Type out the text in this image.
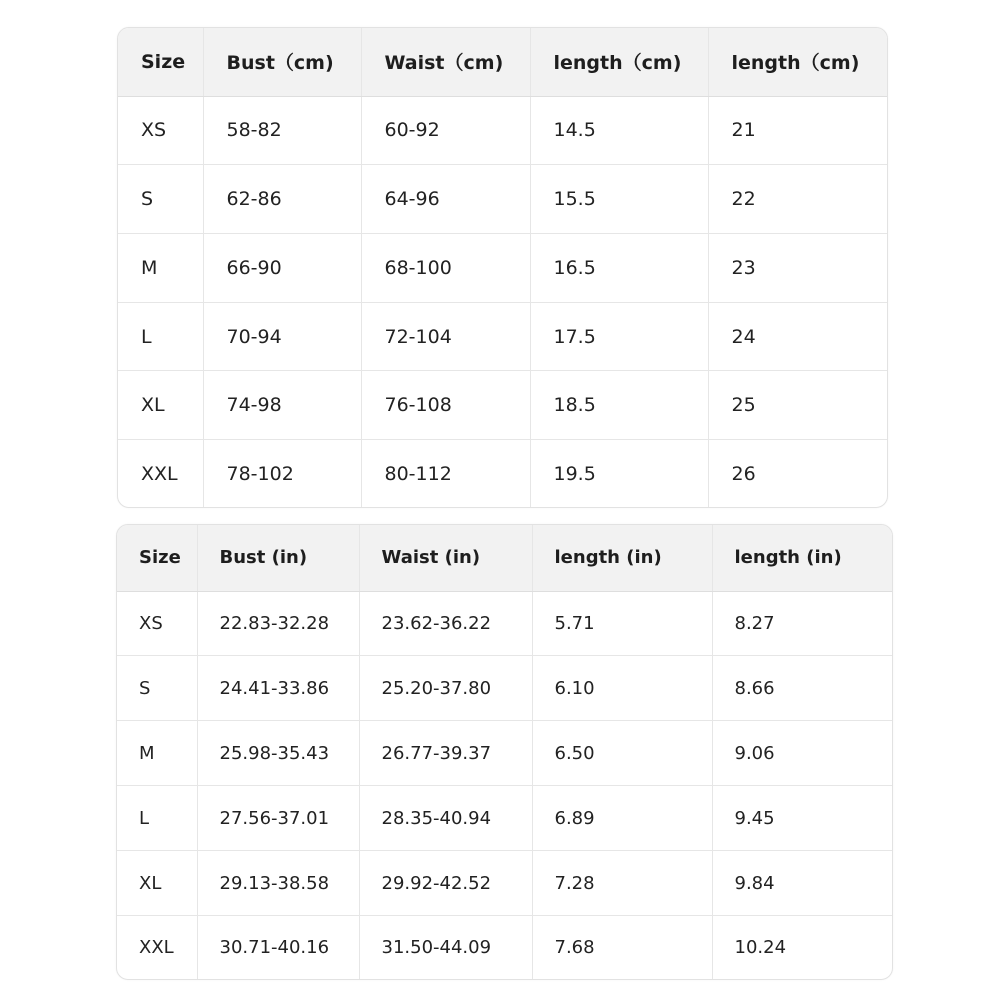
Size	Bust（cm)	Waist（cm)	length（cm)	length（cm)
XS	58-82	60-92	14.5	21
S	62-86	64-96	15.5	22
M	66-90	68-100	16.5	23
L	70-94	72-104	17.5	24
XL	74-98	76-108	18.5	25
XXL	78-102	80-112	19.5	26
Size	Bust (in)	Waist (in)	length (in)	length (in)
XS	22.83-32.28	23.62-36.22	5.71	8.27
S	24.41-33.86	25.20-37.80	6.10	8.66
M	25.98-35.43	26.77-39.37	6.50	9.06
L	27.56-37.01	28.35-40.94	6.89	9.45
XL	29.13-38.58	29.92-42.52	7.28	9.84
XXL	30.71-40.16	31.50-44.09	7.68	10.24
